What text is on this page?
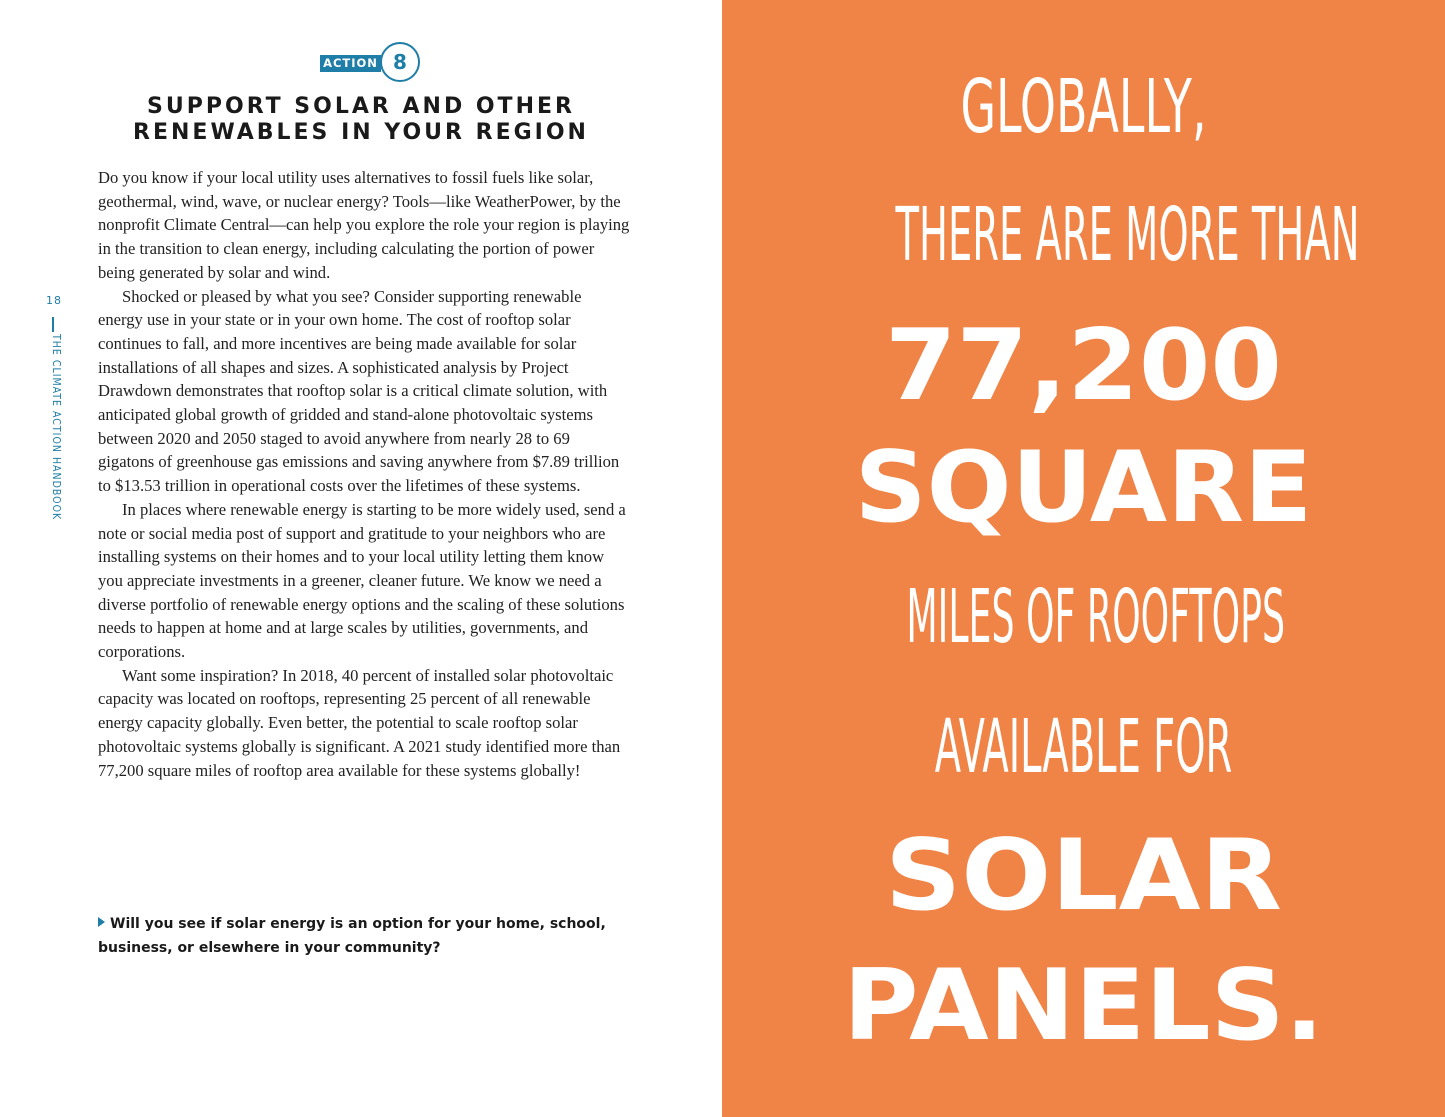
18
THE CLIMATE ACTION HANDBOOK
ACTION 8
SUPPORT SOLAR AND OTHER
RENEWABLES IN YOUR REGION

Do you know if your local utility uses alternatives to fossil fuels like solar, geothermal, wind, wave, or nuclear energy? Tools—like WeatherPower, by the nonprofit Climate Central—can help you explore the role your region is playing in the transition to clean energy, including calculating the portion of power being generated by solar and wind.

Shocked or pleased by what you see? Consider supporting renewable energy use in your state or in your own home. The cost of rooftop solar continues to fall, and more incentives are being made available for solar installations of all shapes and sizes. A sophisticated analysis by Project Drawdown demonstrates that rooftop solar is a critical climate solution, with anticipated global growth of gridded and stand-alone photovoltaic systems between 2020 and 2050 staged to avoid anywhere from nearly 28 to 69 gigatons of greenhouse gas emissions and saving anywhere from $7.89 trillion to $13.53 trillion in operational costs over the lifetimes of these systems.

In places where renewable energy is starting to be more widely used, send a note or social media post of support and gratitude to your neighbors who are installing systems on their homes and to your local utility letting them know you appreciate investments in a greener, cleaner future. We know we need a diverse portfolio of renewable energy options and the scaling of these solutions needs to happen at home and at large scales by utilities, governments, and corporations.

Want some inspiration? In 2018, 40 percent of installed solar photovoltaic capacity was located on rooftops, representing 25 percent of all renewable energy capacity globally. Even better, the potential to scale rooftop solar photovoltaic systems globally is significant. A 2021 study identified more than 77,200 square miles of rooftop area available for these systems globally!

Will you see if solar energy is an option for your home, school, business, or elsewhere in your community?
GLOBALLY,
THERE ARE MORE THAN
77,200
SQUARE
MILES OF ROOFTOPS
AVAILABLE FOR
SOLAR
PANELS.
